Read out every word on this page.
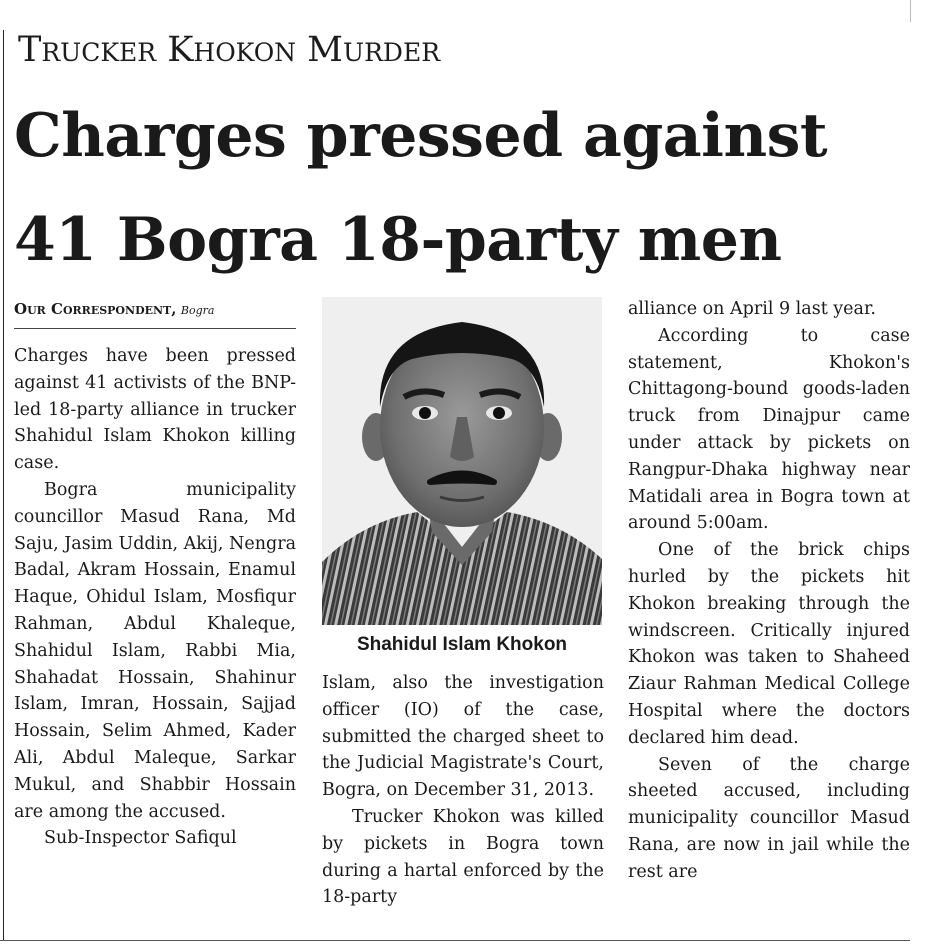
Trucker Khokon Murder
Charges pressed against 41 Bogra 18-party men
Our Correspondent, Bogra

Charges have been pressed against 41 activists of the BNP-led 18-party alliance in trucker Shahidul Islam Khokon killing case.

Bogra municipality councillor Masud Rana, Md Saju, Jasim Uddin, Akij, Nengra Badal, Akram Hossain, Enamul Haque, Ohidul Islam, Mosfiqur Rahman, Abdul Khaleque, Shahidul Islam, Rabbi Mia, Shahadat Hossain, Shahinur Islam, Imran, Hossain, Sajjad Hossain, Selim Ahmed, Kader Ali, Abdul Maleque, Sarkar Mukul, and Shabbir Hossain are among the accused.

Sub-Inspector Safiqul

Shahidul Islam Khokon

Islam, also the investigation officer (IO) of the case, submitted the charged sheet to the Judicial Magistrate's Court, Bogra, on December 31, 2013.

Trucker Khokon was killed by pickets in Bogra town during a hartal enforced by the 18-party

alliance on April 9 last year.

According to case statement, Khokon's Chittagong-bound goods-laden truck from Dinajpur came under attack by pickets on Rangpur-Dhaka highway near Matidali area in Bogra town at around 5:00am.

One of the brick chips hurled by the pickets hit Khokon breaking through the windscreen. Critically injured Khokon was taken to Shaheed Ziaur Rahman Medical College Hospital where the doctors declared him dead.

Seven of the charge sheeted accused, including municipality councillor Masud Rana, are now in jail while the rest are
